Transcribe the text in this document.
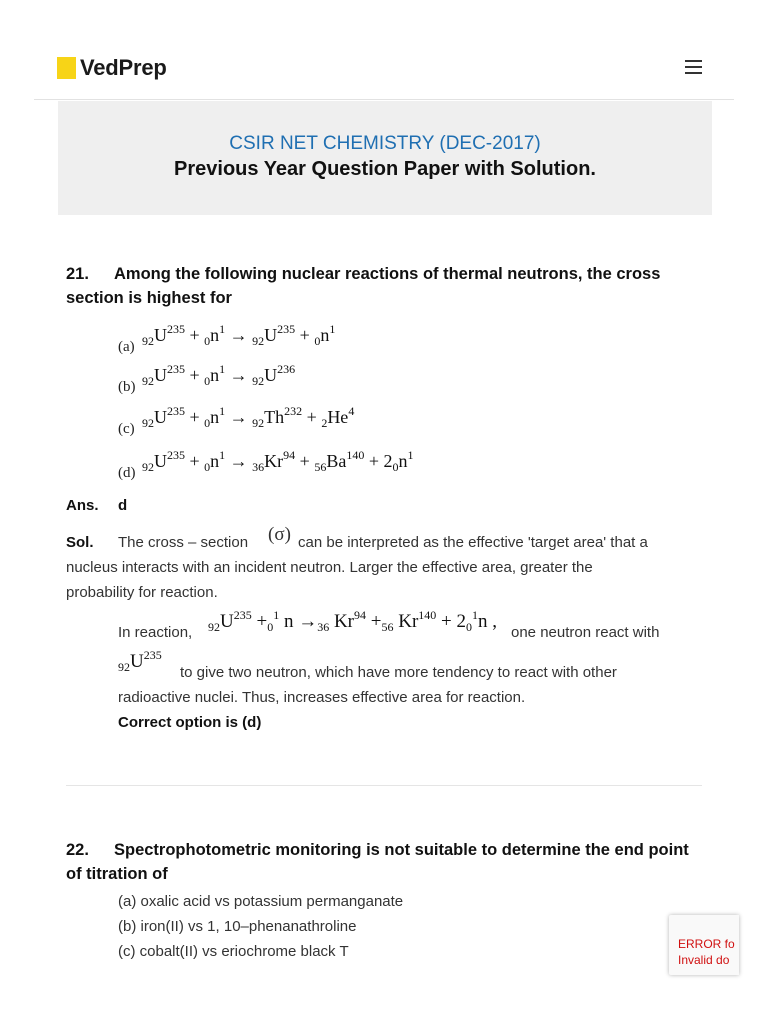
VedPrep
CSIR NET CHEMISTRY (DEC-2017)
Previous Year Question Paper with Solution.
21. Among the following nuclear reactions of thermal neutrons, the cross section is highest for
(a) $_{92}U^{235} + _0n^1 \to _{92}U^{235} + _0n^1$
(b) $_{92}U^{235} + _0n^1 \to _{92}U^{236}$
(c) $_{92}U^{235} + _0n^1 \to _{92}Th^{232} + _2He^4$
(d) $_{92}U^{235} + _0n^1 \to _{36}Kr^{94} + _{56}Ba^{140} + 2_0n^1$
Ans. d
Sol. The cross – section (σ) can be interpreted as the effective 'target area' that a
nucleus interacts with an incident neutron. Larger the effective area, greater the
probability for reaction.
In reaction, $_{92}U^{235} +_0^1$ $n \to_{36}$ $Kr^{94} +_{56}$ $Kr^{140} + 2_0^1n$ ,
one neutron react with
$_{92}U^{235}$
to give two neutron, which have more tendency to react with other
radioactive nuclei. Thus, increases effective area for reaction.
Correct option is (d)
22. Spectrophotometric monitoring is not suitable to determine the end point of titration of
(a) oxalic acid vs potassium permanganate
(b) iron(II) vs 1, 10–phenanathroline
(c) cobalt(II) vs eriochrome black T	ERROR fo
Invalid do
